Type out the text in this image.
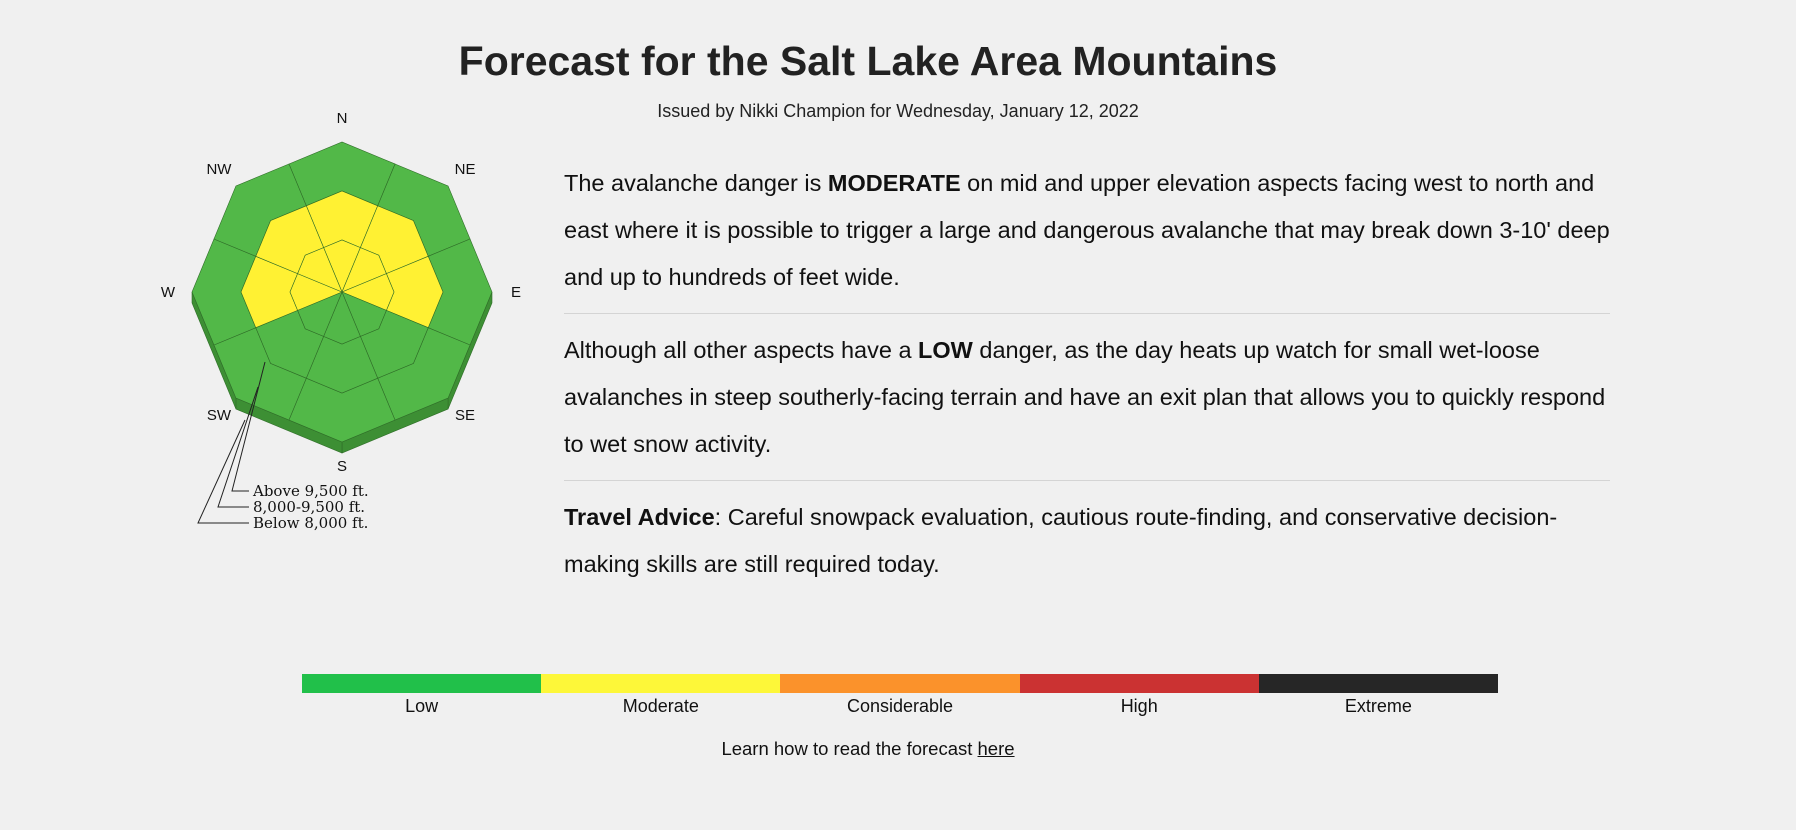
Forecast for the Salt Lake Area Mountains
Issued by Nikki Champion for Wednesday, January 12, 2022
N
NE
E
SE
S
SW
W
NW
Above 9,500 ft.
8,000-9,500 ft.
Below 8,000 ft.

The avalanche danger is MODERATE on mid and upper elevation aspects facing west to north and east where it is possible to trigger a large and dangerous avalanche that may break down 3-10' deep and up to hundreds of feet wide.

Although all other aspects have a LOW danger, as the day heats up watch for small wet-loose avalanches in steep southerly-facing terrain and have an exit plan that allows you to quickly respond to wet snow activity.

Travel Advice: Careful snowpack evaluation, cautious route-finding, and conservative decision-making skills are still required today.

Low	Moderate	Considerable	High	Extreme
Learn how to read the forecast here
